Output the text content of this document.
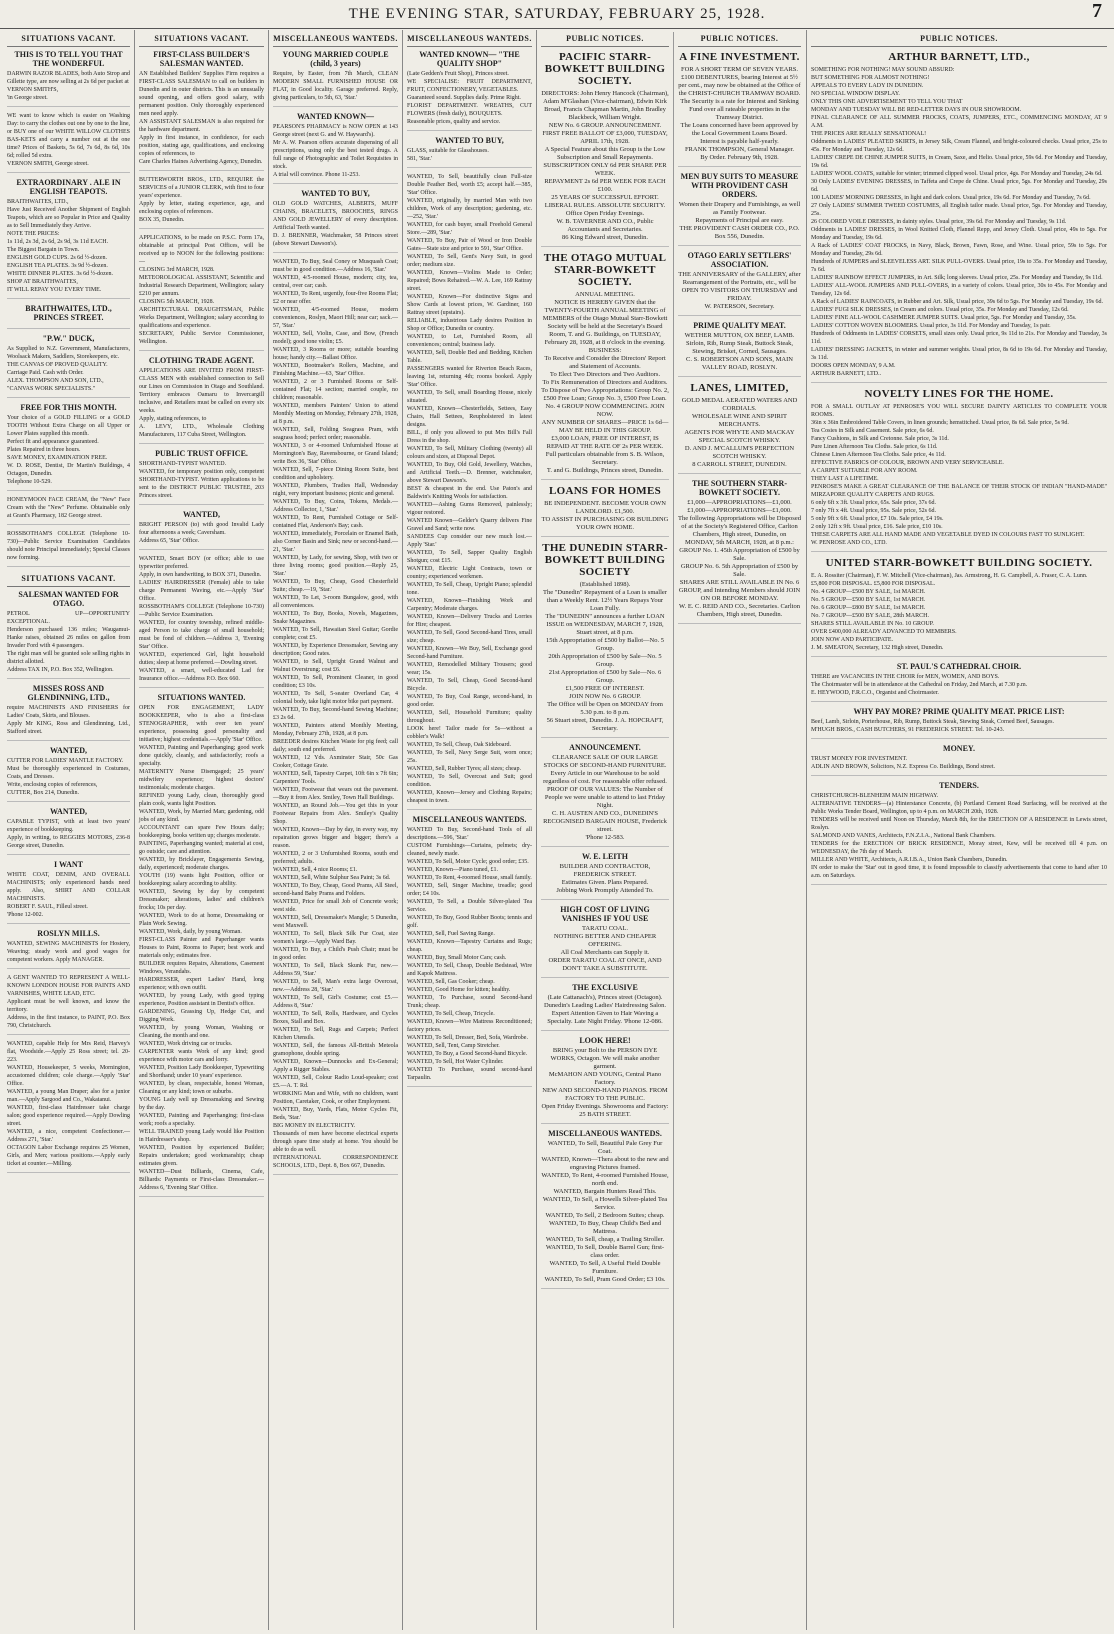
THE EVENING STAR, SATURDAY, FEBRUARY 25, 1928.	7
SITUATIONS VACANT.
THIS IS TO TELL YOU THAT THE WONDERFUL
DARWIN RAZOR BLADES, both Auto Strop and Gillette type, are now selling at 2s 6d per packet at
VERNON SMITH'S,
'in George street.
WE want to know which is easier on Washing Day: to carry the clothes out one by one to the line, or BUY one of our WHITE WILLOW CLOTHES BAS-KETS and carry a number out at the one time? Prices of Baskets, 5s 6d, 7s 6d, 8s 6d, 10s 6d; rolled 5d extra.
VERNON SMITH, George street.
EXTRAORDINARY . ALE IN ENGLISH TEAPOTS.
BRAITHWAITES, LTD.,
Have Just Received Another Shipment of English Teapots, which are so Popular in Price and Quality as to Sell Immediately they Arrive.
NOTE THE PRICES:
1s 11d, 2s 3d, 2s 6d, 2s 9d, 3s 11d EACH.
The Biggest Bargain in Town.
ENGLISH GOLD CUPS. 2s 6d ½-dozen.
ENGLISH TEA PLATES. 3s 9d ½-dozen.
WHITE DINNER PLATES. 3s 6d ½-dozen.
SHOP AT BRAITHWAITES,
IT WILL REPAY YOU EVERY TIME.
BRAITHWAITES, LTD., PRINCES STREET.
"P.W." DUCK,
As Supplied to N.Z. Government, Manufacturers, Woolsack Makers, Saddlers, Storekeepers, etc.
THE CANVAS OF PROVED QUALITY.
Carriage Paid. Cash with Order.
ALEX. THOMPSON AND SON, LTD.,
"CANVAS WORK SPECIALISTS."
FREE FOR THIS MONTH.
Your choice of a GOLD FILLING or a GOLD TOOTH Without Extra Charge on all Upper or Lower Plates supplied this month.
Perfect fit and appearance guaranteed.
Plates Repaired in three hours.
SAVE MONEY, EXAMINATION FREE.
W. D. ROSE, Dentist, Dr Martin's Buildings, 4 Octagon, Dunedin.
Telephone 10-529.
HONEYMOON FACE CREAM, the "New" Face Cream with the "New" Perfume. Obtainable only at Grant's Pharmacy, 182 George street.
ROSSBOTHAM'S COLLEGE (Telephone 10-730)—Public Service Examination Candidates should note Principal immediately; Special Classes now forming.
SITUATIONS VACANT.
SALESMAN WANTED FOR OTAGO.
PETROL UP—OPPORTUNITY EXCEPTIONAL.
Henderson purchased 136 miles; Waugamui-Hanke raises, obtained 26 miles on gallon from Invader Ford with 4 passengers.
The right man will be granted sole selling rights in district allotted.
Address TAX IN, P.O. Box 352, Wellington.
MISSES ROSS AND GLENDINNING, LTD.,
require MACHINISTS AND FINISHERS for Ladies' Coats, Skirts, and Blouses.
Apply Mr KING, Ross and Glendinning, Ltd., Stafford street.
WANTED,
CUTTER FOR LADIES' MANTLE FACTORY.
Must be thoroughly experienced in Costumes, Coats, and Dresses.
Write, enclosing copies of references,
CUTTER, Box 214, Dunedin.
WANTED,
CAPABLE TYPIST, with at least two years' experience of bookkeeping.
Apply, in writing, to REGGIES MOTORS, 236-8 George street, Dunedin.
I WANT
WHITE COAT, DENIM, AND OVERALL MACHINISTS; only experienced hands need apply. Also, SHIRT AND COLLAR MACHINISTS.
ROBERT F. SAUL, Filleul street.
'Phone 12-002.
ROSLYN MILLS.
WANTED, SEWING MACHINISTS for Hosiery, Weaving; steady work and good wages for competent workers. Apply MANAGER.
A GENT WANTED TO REPRESENT A WELL-KNOWN LONDON HOUSE FOR PAINTS AND VARNISHES, WHITE LEAD, ETC.
Applicant must be well known, and know the territory.
Address, in the first instance, to PAINT, P.O. Box 790, Christchurch.
WANTED, capable Help for Mrs Reid, Harvey's flat, Woodside.—Apply 25 Ross street; tel. 20-223.
WANTED, Housekeeper, 5 weeks, Mornington, accustomed children; cole charge.—Apply 'Star' Office.
WANTED, a young Man Draper; also for a junior man.—Apply Sargood and Co., Wakatanui.
WANTED, first-class Hairdresser take charge salon; good experience required.—Apply Dowling street.
WANTED, a nice, competent Confectioner.—Address 271, 'Star.'
OCTAGON Labor Exchange requires 25 Women, Girls, and Men; various positions.—Apply early ticket at counter.—Milling.
SITUATIONS VACANT.
FIRST-CLASS BUILDER'S SALESMAN WANTED.
AN Established Builders' Supplies Firm requires a FIRST-CLASS SALESMAN to call on builders in Dunedin and in outer districts. This is an unusually sound opening, and offers good salary, with permanent position. Only thoroughly experienced men need apply.
AN ASSISTANT SALESMAN is also required for the hardware department.
Apply in first instance, in confidence, for each position, stating age, qualifications, and enclosing copies of references, to
Care Charles Haines Advertising Agency, Dunedin.
BUTTERWORTH BROS., LTD., REQUIRE the SERVICES of a JUNIOR CLERK, with first to four years' experience.
Apply by letter, stating experience, age, and enclosing copies of references.
BOX 35, Dunedin.
APPLICATIONS, to be made on P.S.C. Form 17a, obtainable at principal Post Offices, will be received up to NOON for the following positions:—
CLOSING 3rd MARCH, 1928.
METEOROLOGICAL ASSISTANT, Scientific and Industrial Research Department, Wellington; salary £210 per annum.
CLOSING 5th MARCH, 1928.
ARCHITECTURAL DRAUGHTSMAN, Public Works Department, Wellington; salary according to qualifications and experience.
SECRETARY, Public Service Commissioner, Wellington.
CLOTHING TRADE AGENT.
APPLICATIONS ARE INVITED FROM FIRST-CLASS MEN with established connection to Sell our Lines on Commission in Otago and Southland. Territory embraces Oamaru to Invercargill inclusive, and Retailers must be called on every six weeks.
Apply, stating references, to
A. LEVY, LTD., Wholesale Clothing Manufacturers, 117 Cuba Street, Wellington.
PUBLIC TRUST OFFICE.
SHORTHAND-TYPIST WANTED.
WANTED, for temporary position only, competent SHORTHAND-TYPIST. Written applications to be sent to the DISTRICT PUBLIC TRUSTEE, 203 Princes street.
WANTED,
BRIGHT PERSON (to) with good Invalid Lady four afternoons a week; Caversham.
Address 65, 'Star' Office.
WANTED, Smart BOY (or office; able to use typewriter preferred.
Apply, in own handwriting, to BOX 371, Dunedin.
LADIES' HAIRDRESSER (Female) able to take charge Permanent Waving, etc.—Apply 'Star' Office.
ROSSBOTHAM'S COLLEGE (Telephone 10-730)—Public Service Examination.
WANTED, for country township, refined middle-aged Person to take charge of small household; must be fond of children.—Address 3, 'Evening Star' Office.
WANTED, experienced Girl, light household duties; sleep at home preferred.—Dowling street.
WANTED, a smart, well-educated Lad for Insurance office.—Address P.O. Box 660.
SITUATIONS WANTED.
OPEN FOR ENGAGEMENT, LADY BOOKKEEPER, who is also a first-class STENOGRAPHER, with over ten years' experience, possessing good personality and initiative; highest credentials.—Apply 'Star' Office.
WANTED, Painting and Paperhanging; good work done quickly, cleanly, and satisfactorily; roofs a specialty.
MATERNITY Nurse Disengaged; 25 years' midwifery experience; highest doctors' testimonials; moderate charges.
REFINED young Lady, clean, thoroughly good plain cook, wants light Position.
WANTED, Work, by Married Man; gardening, odd jobs of any kind.
ACCOUNTANT can spare Few Hours daily; bookkeeping, books written up; charges moderate.
PAINTING, Paperhanging wanted; material at cost, go outside; care and attention.
WANTED, by Bricklayer, Engagements Sewing, daily, experienced; moderate charges.
YOUTH (19) wants light Position, office or bookkeeping; salary according to ability.
WANTED, Sewing by day by competent Dressmaker; alterations, ladies' and children's frocks; 10s per day.
WANTED, Work to do at home, Dressmaking or Plain Work Sewing.
WANTED, Work, daily, by young Woman.
FIRST-CLASS Painter and Paperhanger wants Houses to Paint, Rooms to Paper; best work and materials only; estimates free.
BUILDER requires Repairs, Alterations, Casement Windows, Verandahs.
HARDRESSER, expert Ladies' Hand, long experience; with own outfit.
WANTED, by young Lady, with good typing experience, Position assistant in Dentist's office.
GARDENING, Grassing Up, Hedge Cut, and Digging Work.
WANTED, by young Woman, Washing or Cleaning, the month and one.
WANTED, Work driving car or trucks.
CARPENTER wants Work of any kind; good experience with motor cars and lorry.
WANTED, Position Lady Bookkeeper, Typewriting and Shorthand; under 10 years' experience.
WANTED, by clean, respectable, honest Woman, Cleaning or any kind; town or suburbs.
YOUNG Lady well up Dressmaking and Sewing by the day.
WANTED, Painting and Paperhanging; first-class work; roofs a specialty.
WELL TRAINED young Lady would like Position in Hairdresser's shop.
WANTED, Position by experienced Builder; Repairs undertaken; good workmanship; cheap estimates given.
WANTED—Dust Billiards, Cinema, Cafe, Billiards: Payments or First-class Dressmaker.—Address 6, 'Evening Star' Office.
MISCELLANEOUS WANTEDS.
YOUNG MARRIED COUPLE (child, 3 years)
Require, by Easter, from 7th March, CLEAN MODERN SMALL FURNISHED HOUSE OR FLAT, in Good locality. Garage preferred. Reply, giving particulars, to 5th, 63, 'Star.'
WANTED KNOWN—
PEARSON'S PHARMACY is NOW OPEN at 143 George street (next G. and W. Hayward's).
Mr A. W. Pearson offers accurate dispensing of all prescriptions, using only the best tested drugs. A full range of Photographic and Toilet Requisites in stock.
A trial will convince. Phone 11-253.
WANTED TO BUY,
OLD GOLD WATCHES, ALBERTS, MUFF CHAINS, BRACELETS, BROOCHES, RINGS AND GOLD JEWELLERY of every description. Artificial Teeth wanted.
D. J. BRENNER, Watchmaker, 58 Princes street (above Stewart Dawson's).
WANTED, To Buy, Seal Coney or Musquash Coat; must be in good condition.—Address 16, 'Star.'
WANTED, 4/5-roomed House, modern; city, tea, central, over car; cash.
WANTED, To Rent, urgently, four-five Rooms Flat; £2 or near offer.
WANTED, 4/5-roomed House, modern conveniences, Roslyn, Maori Hill; near car; sack.—57, 'Star.'
WANTED, Sell, Violin, Case, and Bow, (French model); good tone violin; £5.
WANTED, 3 Rooms or more; suitable boarding house; handy city.—Ballast Office.
WANTED, Bootmaker's Rollers, Machine, and Finishing Machine.—63, 'Star' Office.
WANTED, 2 or 3 Furnished Rooms or Self-contained Flat; 14 section; married couple, no children; reasonable.
WANTED, members Painters' Union to attend Monthly Meeting on Monday, February 27th, 1928, at 8 p.m.
WANTED, Sell, Folding Seagrass Pram, with seagrass hood; perfect order; reasonable.
WANTED, 3 or 4-roomed Unfurnished House at Mornington's Bay, Ravensbourne, or Grand Island; write Box 36, 'Star' Office.
WANTED, Sell, 7-piece Dining Room Suite, best condition and upholstery.
WANTED, Plumbers, Tradies Hall, Wednesday night, very important business; picnic and general.
WANTED, To Buy, Coins, Tokens, Medals.—Address Collector, 1, 'Star.'
WANTED, To Rent, Furnished Cottage or Self-contained Flat, Anderson's Bay; cash.
WANTED, immediately, Porcelain or Enamel Bath, also Corner Basin and Sink; new or second-hand.—21, 'Star.'
WANTED, by Lady, for sewing, Shop, with two or three living rooms; good position.—Reply 25, 'Star.'
WANTED, To Buy, Cheap, Good Chesterfield Suite; cheap.—19, 'Star.'
WANTED, To Let, 3-room Bungalow, good, with all conveniences.
WANTED, To Buy, Books, Novels, Magazines, Snake Magazines.
WANTED, To Sell, Hawaiian Steel Guitar; Gordie complete; cost £5.
WANTED, by Experience Dressmaker, Sewing any description; Good rates.
WANTED, to Sell, Upright Grand Walnut and Walnut Overstrung; cost £6.
WANTED, To Sell, Prominent Cleaner, in good condition; £3 10s.
WANTED, To Sell, 5-seater Overland Car, 4 colonial body, take light motor bike part payment.
WANTED, To Buy, Second-hand Sewing Machine; £3 2s 6d.
WANTED, Painters attend Monthly Meeting, Monday, February 27th, 1928, at 8 p.m.
BREEDER desires Kitchen Waste for pig feed; call daily; south end preferred.
WANTED, 12 Yds. Axminster Stair, 50c Gas Cooker, Cottage Grate.
WANTED, Sell, Tapestry Carpet, 10ft 6in x 7ft 6in; Carpenters' Tools.
WANTED, Footwear that wears out the pavement.—Buy it from Alex. Smiley, Town Hall Buildings.
WANTED, an Round Job.—You get this in your Footwear Repairs from Alex. Smiley's Quality Shop.
WANTED, Known—Day by day, in every way, my repairation grows bigger and bigger; there's a reason.
WANTED, 2 or 3 Unfurnished Rooms, south end preferred; adults.
WANTED, Sell, 4 nice Rooms; £1.
WANTED, Sell, White Sulphur Sea Paint; 3s 6d.
WANTED, To Buy, Cheap, Good Prams, All Steel, second-hand Baby Prams and Folders.
WANTED, Price for small Job of Concrete work; west side.
WANTED, Sell, Dressmaker's Mangle; 5 Dunedin, west Maxwell.
WANTED, To Sell, Black Silk Fur Coat, size women's large.—Apply Ward Bay.
WANTED, To Buy, a Child's Push Chair; must be in good order.
WANTED, To Sell, Black Skunk Fur, new.—Address 59, 'Star.'
WANTED, to Sell, Man's extra large Overcoat, new.—Address 28, 'Star.'
WANTED, To Sell, Girl's Costume; cost £5.—Address 8, 'Star.'
WANTED, To Sell, Rolls, Hardware, and Cycles Boxes, Stall and Box.
WANTED, To Sell, Rugs and Carpets; Perfect Kitchen Utensils.
WANTED, Sell, the famous All-British Meteola gramophone, double spring.
WANTED, Known—Dunnocks and Ex-General; Apply a Rigger Stables.
WANTED, Sell, Colour Radio Loud-speaker; cost £5.—A. T. Rd.
WORKING Man and Wife, with no children, want Position, Caretaker, Cook, or other Employment.
WANTED, Buy, Yards, Flats, Motor Cycles Fit, Beds, 'Star.'
BIG MONEY IN ELECTRICITY.
Thousands of men have become electrical experts through spare time study at home. You should be able to do as well.
INTERNATIONAL CORRESPONDENCE SCHOOLS, LTD., Dept. 8, Box 667, Dunedin.
MISCELLANEOUS WANTEDS.
WANTED KNOWN— "THE QUALITY SHOP"
(Late Gedden's Fruit Shop), Princes street.
WE SPECIALISE: FRUIT DEPARTMENT, FRUIT, CONFECTIONERY, VEGETABLES.
Guaranteed sound. Supplies daily. Prime Right.
FLORIST DEPARTMENT. WREATHS, CUT FLOWERS (fresh daily), BOUQUETS.
Reasonable prices, quality and service.
WANTED TO BUY,
GLASS, suitable for Glasshouses.
581, 'Star.'
WANTED, To Sell, beautifully clean Full-size Double Feather Bed, worth £5; accept half.—385, 'Star' Office.
WANTED, originally, by married Man with two children, Work of any description; gardening, etc.—252, 'Star.'
WANTED, for cash buyer, small Freehold General Store.—289, 'Star.'
WANTED, To Buy, Pair of Wood or Iron Double Gates—State size and price to 591, 'Star' Office.
WANTED, To Sell, Gent's Navy Suit, in good order; medium size.
WANTED, Known—Violins Made to Order; Repaired; Bows Rehaired.—W. A. Lee, 169 Rattray street.
WANTED, Known—For distinctive Signs and Show Cards at lowest prices, W. Gardiner, 160 Rattray street (upstairs).
RELIABLE, industrious Lady desires Position in Shop or Office; Dunedin or country.
WANTED, to Let, Furnished Room, all conveniences; central; business lady.
WANTED, Sell, Double Bed and Bedding, Kitchen Table.
PASSENGERS wanted for Riverton Beach Races, leaving 1st, returning 4th; rooms booked. Apply 'Star' Office.
WANTED, To Sell, small Boarding House, nicely situated.
WANTED, Known—Chesterfields, Settees, Easy Chairs, Hall Settees, Reupholstered in latest designs.
BILL, if only you allowed to put Mrs Bill's Fall Dress in the shop.
WANTED, To Sell, Military Clothing (twenty) all colours and sizes, at Disposal Depot.
WANTED, To Buy, Old Gold, Jewellery, Watches, and Artificial Teeth.—D. Brenner, watchmaker, above Stewart Dawson's.
BEST & cheapest in the end. Use Paton's and Baldwin's Knitting Wools for satisfaction.
WANTED—Ashing Gums Removed, painlessly; vigour restored.
WANTED Known—Gelder's Quarry delivers Fine Gravel and Sand; write now.
SANDEES Cup consider our new much lost.—Apply 'Star.'
WANTED, To Sell, Sapper Quality English Shotgun; cost £15.
WANTED, Electric Light Contracts, town or country; experienced workmen.
WANTED, To Sell, Cheap, Upright Piano; splendid tone.
WANTED, Known—Finishing Work and Carpentry; Moderate charges.
WANTED, Known—Delivery Trucks and Lorries for Hire; cheapest.
WANTED, To Sell, Good Second-hand Tires, small size; cheap.
WANTED, Known—We Buy, Sell, Exchange good Second-hand Furniture.
WANTED, Remodelled Military Trousers; good wear; 15s.
WANTED, To Sell, Cheap, Good Second-hand Bicycle.
WANTED, To Buy, Coal Range, second-hand, in good order.
WANTED, Sell, Household Furniture; quality throughout.
LOOK here! Tailor made for 5s—without a cobbler's Walk!
WANTED, To Sell, Cheap, Oak Sideboard.
WANTED, To Sell, Navy Serge Suit, worn once; 25s.
WANTED, Sell, Rubber Tyres; all sizes; cheap.
WANTED, To Sell, Overcoat and Suit; good condition.
WANTED, Known—Jersey and Clothing Repairs; cheapest in town.
MISCELLANEOUS WANTEDS.
WANTED To Buy, Second-hand Tools of all descriptions.—596, 'Star.'
CUSTOM Furnishings—Curtains, pelmets; dry-cleaned, newly made.
WANTED, To Sell, Motor Cycle; good order; £35.
WANTED, Known—Piano tuned, £1.
WANTED, To Rent, 4-roomed House, small family.
WANTED, Sell, Singer Machine, treadle; good order; £4 10s.
WANTED, To Sell, a Double Silver-plated Tea Service.
WANTED, To Buy, Good Rubber Boots; tennis and golf.
WANTED, Sell, Fuel Saving Range.
WANTED, Known—Tapestry Curtains and Rugs; cheap.
WANTED, Buy, Small Motor Cars; cash.
WANTED, To Sell, Cheap, Double Bedstead, Wire and Kapok Mattress.
WANTED, Sell, Gas Cooker; cheap.
WANTED, Good Home for kitten; healthy.
WANTED, To Purchase, sound Second-hand Trunk; cheap.
WANTED, To Sell, Cheap, Tricycle.
WANTED, Known—Wire Mattress Reconditioned; factory prices.
WANTED, To Sell, Dresser, Bed, Sofa, Wardrobe.
WANTED, Sell, Tent, Camp Stretcher.
WANTED, To Buy, a Good Second-hand Bicycle.
WANTED, To Sell, Hot Water Cylinder.
WANTED To Purchase, sound second-hand Tarpaulin.
PUBLIC NOTICES.
PACIFIC STARR-BOWKETT BUILDING SOCIETY.
DIRECTORS: John Henry Hancock (Chairman), Adam M'Glashan (Vice-chairman), Edwin Kirk Broad, Francis Chapman Martin, John Bradley Blackbeck, William Wright.
NEW No. 6 GROUP. ANNOUNCEMENT.
FIRST FREE BALLOT OF £3,000, TUESDAY, APRIL 17th, 1928.
A Special Feature about this Group is the Low Subscription and Small Repayments.
SUBSCRIPTION ONLY 6d PER SHARE PER WEEK.
REPAYMENT 2s 6d PER WEEK FOR EACH £100.
25 YEARS OF SUCCESSFUL EFFORT. LIBERAL RULES. ABSOLUTE SECURITY.
Office Open Friday Evenings.
W. B. TAVERNER AND CO., Public Accountants and Secretaries.
86 King Edward street, Dunedin.
THE OTAGO MUTUAL STARR-BOWKETT SOCIETY.
ANNUAL MEETING.
NOTICE IS HEREBY GIVEN that the TWENTY-FOURTH ANNUAL MEETING of MEMBERS of the Otago Mutual Starr-Bowkett Society will be held at the Secretary's Board Room, T. and G. Buildings, on TUESDAY, February 28, 1928, at 8 o'clock in the evening.
BUSINESS:
To Receive and Consider the Directors' Report and Statement of Accounts.
To Elect Two Directors and Two Auditors.
To Fix Remuneration of Directors and Auditors.
To Dispose of Two Appropriations: Group No. 2, £500 Free Loan; Group No. 3, £500 Free Loan.
No. 4 GROUP NOW COMMENCING. JOIN NOW.
ANY NUMBER OF SHARES—PRICE 1s 6d—MAY BE HELD IN THIS GROUP.
£3,000 LOAN, FREE OF INTEREST, IS REPAID AT THE RATE OF 2s PER WEEK.
Full particulars obtainable from S. B. Wilson, Secretary.
T. and G. Buildings, Princes street, Dunedin.
LOANS FOR HOMES
BE INDEPENDENT. BECOME YOUR OWN LANDLORD. £1,500.
TO ASSIST IN PURCHASING OR BUILDING YOUR OWN HOME.
THE DUNEDIN STARR-BOWKETT BUILDING SOCIETY
(Established 1898).
The "Dunedin" Repayment of a Loan is smaller than a Weekly Rent. 12½ Years Repays Your Loan Fully.
The "DUNEDIN" announces a further LOAN ISSUE on WEDNESDAY, MARCH 7, 1928, Stuart street, at 8 p.m.
15th Appropriation of £500 by Ballot—No. 5 Group.
20th Appropriation of £500 by Sale—No. 5 Group.
21st Appropriation of £500 by Sale—No. 6 Group.
£1,500 FREE OF INTEREST.
JOIN NOW No. 6 GROUP.
The Office will be Open on MONDAY from 5.30 p.m. to 8 p.m.
56 Stuart street, Dunedin. J. A. HOPCRAFT, Secretary.
ANNOUNCEMENT.
CLEARANCE SALE OF OUR LARGE STOCKS OF SECOND-HAND FURNITURE.
Every Article in our Warehouse to be sold regardless of cost. For reasonable offer refused.
PROOF OF OUR VALUES: The Number of People we were unable to attend to last Friday Night.
C. H. AUSTEN AND CO., DUNEDIN'S RECOGNISED BARGAIN HOUSE, Frederick street.
'Phone 12-583.
W. E. LEITH
BUILDER AND CONTRACTOR, FREDERICK STREET.
Estimates Given. Plans Prepared.
Jobbing Work Promptly Attended To.
HIGH COST OF LIVING VANISHES IF YOU USE
TARATU COAL.
NOTHING BETTER AND CHEAPER OFFERING.
All Coal Merchants can Supply it.
ORDER TARATU COAL AT ONCE, AND DON'T TAKE A SUBSTITUTE.
THE EXCLUSIVE
(Late Cattanach's), Princes street (Octagon). Dunedin's Leading Ladies' Hairdressing Salon. Expert Attention Given to Hair Waving a Specialty. Late Night Friday. 'Phone 12-086.
LOOK HERE!
BRING your Bolt to the PERSON DYE WORKS, Octagon. We will make another garment.
McMAHON AND YOUNG, Central Piano Factory.
NEW AND SECOND-HAND PIANOS. FROM FACTORY TO THE PUBLIC.
Open Friday Evenings. Showrooms and Factory: 25 BATH STREET.
MISCELLANEOUS WANTEDS.
WANTED, To Sell, Beautiful Pale Grey Fur Coat.
WANTED, Known—Thera about to the new and engraving Pictures framed.
WANTED, To Rent, 4-roomed Furnished House, north end.
WANTED, Bargain Hunters Read This.
WANTED, To Sell, a Howells Silver-plated Tea Service.
WANTED, To Sell, 2 Bedroom Suites; cheap.
WANTED, To Buy, Cheap Child's Bed and Mattress.
WANTED, To Sell, cheap, a Trailing Stroller.
WANTED, To Sell, Double Barrel Gun; first-class order.
WANTED, To Sell, A Useful Field Double Furniture.
WANTED, To Sell, Pram Good Order; £3 10s.
PUBLIC NOTICES.
A FINE INVESTMENT.
FOR A SHORT TERM OF SEVEN YEARS.
£100 DEBENTURES, bearing Interest at 5½ per cent., may now be obtained at the Office of the CHRIST-CHURCH TRAMWAY BOARD.
The Security is a rate for Interest and Sinking Fund over all rateable properties in the Tramway District.
The Loans concerned have been approved by the Local Government Loans Board.
Interest is payable half-yearly.
FRANK THOMPSON, General Manager.
By Order. February 9th, 1928.
MEN BUY SUITS TO MEASURE WITH PROVIDENT CASH ORDERS.
Women their Drapery and Furnishings, as well as Family Footwear.
Repayments of Principal are easy.
THE PROVIDENT CASH ORDER CO., P.O. Box 556, Dunedin.
OTAGO EARLY SETTLERS' ASSOCIATION.
THE ANNIVERSARY of the GALLERY, after Rearrangement of the Portraits, etc., will be OPEN TO VISITORS ON THURSDAY and FRIDAY.
W. PATERSON, Secretary.
PRIME QUALITY MEAT.
WETHER MUTTON, OX BEEF, LAMB.
Sirloin, Rib, Rump Steak, Buttock Steak, Stewing, Brisket, Corned, Sausages.
C. S. ROBERTSON AND SONS, MAIN VALLEY ROAD, ROSLYN.
LANES, LIMITED,
GOLD MEDAL AERATED WATERS AND CORDIALS.
WHOLESALE WINE AND SPIRIT MERCHANTS.
AGENTS FOR WHYTE AND MACKAY SPECIAL SCOTCH WHISKY.
D. AND J. M'CALLUM'S PERFECTION SCOTCH WHISKY.
8 CARROLL STREET, DUNEDIN.
THE SOUTHERN STARR-BOWKETT SOCIETY.
£1,000—APPROPRIATIONS—£1,000.
£1,000—APPROPRIATIONS—£1,000.
The following Appropriations will be Disposed of at the Society's Registered Office, Carlton Chambers, High street, Dunedin, on MONDAY, 5th MARCH, 1928, at 8 p.m.:
GROUP No. 1. 45th Appropriation of £500 by Sale.
GROUP No. 6. 5th Appropriation of £500 by Sale.
SHARES ARE STILL AVAILABLE IN No. 6 GROUP, and Intending Members should JOIN ON OR BEFORE MONDAY.
W. E. C. REID AND CO., Secretaries. Carlton Chambers, High street, Dunedin.
PUBLIC NOTICES.
ARTHUR BARNETT, LTD.,
SOMETHING FOR NOTHING! MAY SOUND ABSURD:
BUT SOMETHING FOR ALMOST NOTHING!
APPEALS TO EVERY LADY IN DUNEDIN.
NO SPECIAL WINDOW DISPLAY.
ONLY THIS ONE ADVERTISEMENT TO TELL YOU THAT
MONDAY AND TUESDAY WILL BE RED-LETTER DAYS IN OUR SHOWROOM.
FINAL CLEARANCE OF ALL SUMMER FROCKS, COATS, JUMPERS, ETC., COMMENCING MONDAY, AT 9 A.M.
THE PRICES ARE REALLY SENSATIONAL!
Oddments in LADIES' PLEATED SKIRTS, in Jersey Silk, Cream Flannel, and bright-coloured checks. Usual price, 25s to 45s. For Monday and Tuesday, 12s 6d.
LADIES' CREPE DE CHINE JUMPER SUITS, in Cream, Saxe, and Helio. Usual price, 59s 6d. For Monday and Tuesday, 19s 6d.
LADIES' WOOL COATS, suitable for winter; trimmed clipped wool. Usual price, 4gs. For Monday and Tuesday, 24s 6d.
30 Only LADIES' EVENING DRESSES, in Taffeta and Crepe de Chine. Usual price, 5gs. For Monday and Tuesday, 29s 6d.
100 LADIES' MORNING DRESSES, in light and dark colors. Usual price, 19s 6d. For Monday and Tuesday, 7s 6d.
27 Only LADIES' SUMMER TWEED COSTUMES, all English tailor made. Usual price, 5gs. For Monday and Tuesday, 25s.
26 COLORED VOILE DRESSES, in dainty styles. Usual price, 39s 6d. For Monday and Tuesday, 9s 11d.
Oddments in LADIES' DRESSES, in Wool Knitted Cloth, Flannel Repp, and Jersey Cloth. Usual price, 49s to 5gs. For Monday and Tuesday, 19s 6d.
A Rack of LADIES' COAT FROCKS, in Navy, Black, Brown, Fawn, Rose, and Wine. Usual price, 59s to 5gs. For Monday and Tuesday, 29s 6d.
Hundreds of JUMPERS and SLEEVELESS ART. SILK PULL-OVERS. Usual price, 19s to 35s. For Monday and Tuesday, 7s 6d.
LADIES' RAINBOW EFFECT JUMPERS, in Art. Silk; long sleeves. Usual price, 25s. For Monday and Tuesday, 9s 11d.
LADIES' ALL-WOOL JUMPERS AND PULL-OVERS, in a variety of colors. Usual price, 30s to 45s. For Monday and Tuesday, 12s 6d.
A Rack of LADIES' RAINCOATS, in Rubber and Art. Silk, Usual price, 39s 6d to 5gs. For Monday and Tuesday, 19s 6d.
LADIES' FUGI SILK DRESSES, in Cream and colors. Usual price, 35s. For Monday and Tuesday, 12s 6d.
LADIES' FINE ALL-WOOL CASHMERE JUMPER SUITS. Usual price, 5gs. For Monday and Tuesday, 35s.
LADIES' COTTON WOVEN BLOOMERS. Usual price, 3s 11d. For Monday and Tuesday, 1s pair.
Hundreds of Oddments in LADIES' CORSETS, small sizes only. Usual price, 9s 11d to 21s. For Monday and Tuesday, 3s 11d.
LADIES' DRESSING JACKETS, in winter and summer weights. Usual price, 8s 6d to 19s 6d. For Monday and Tuesday, 3s 11d.
DOORS OPEN MONDAY, 9 A.M.
ARTHUR BARNETT, LTD..
NOVELTY LINES FOR THE HOME.
FOR A SMALL OUTLAY AT PENROSE'S YOU WILL SECURE DAINTY ARTICLES TO COMPLETE YOUR ROOMS.
36in x 36in Embroidered Table Covers, in linen grounds; hemstitched. Usual price, 8s 6d. Sale price, 5s 9d.
Tea Cosies in Silk and Casement. Sale price, 6s 6d.
Fancy Cushions, in Silk and Cretonne. Sale price, 3s 11d.
Pure Linen Afternoon Tea Cloths. Sale price, 6s 11d.
Chinese Linen Afternoon Tea Cloths. Sale price, 4s 11d.
EFFECTIVE FABRICS OF COLOUR, BROWN AND VERY SERVICEABLE.
A CARPET SUITABLE FOR ANY ROOM.
THEY LAST A LIFETIME.
PENROSE'S MAKE A GREAT CLEARANCE OF THE BALANCE OF THEIR STOCK OF INDIAN "HAND-MADE" MIRZAPORE QUALITY CARPETS AND RUGS.
6 only 6ft x 3ft. Usual price, 65s. Sale price, 37s 6d.
7 only 7ft x 4ft. Usual price, 95s. Sale price, 52s 6d.
5 only 9ft x 6ft. Usual price, £7 10s. Sale price, £4 19s.
2 only 12ft x 9ft. Usual price, £16. Sale price, £10 10s.
THESE CARPETS ARE ALL HAND MADE AND VEGETABLE DYED IN COLOURS FAST TO SUNLIGHT.
W. PENROSE AND CO., LTD.
UNITED STARR-BOWKETT BUILDING SOCIETY.
E. A. Rossiter (Chairman), F. W. Mitchell (Vice-chairman), Jas. Armstrong, H. G. Campbell, A. Fraser, C. A. Lunn.
£5,800 FOR DISPOSAL. £5,800 FOR DISPOSAL.
No. 4 GROUP—£500 BY SALE, 1st MARCH.
No. 5 GROUP—£500 BY SALE, 1st MARCH.
No. 6 GROUP—£800 BY SALE, 1st MARCH.
No. 7 GROUP—£500 BY SALE, 28th MARCH.
SHARES STILL AVAILABLE IN No. 10 GROUP.
OVER £400,000 ALREADY ADVANCED TO MEMBERS.
JOIN NOW AND PARTICIPATE.
J. M. SMEATON, Secretary, 132 High street, Dunedin.
ST. PAUL'S CATHEDRAL CHOIR.
THERE are VACANCIES IN THE CHOIR for MEN, WOMEN, AND BOYS.
The Choirmaster will be in attendance at the Cathedral on Friday, 2nd March, at 7.30 p.m.
E. HEYWOOD, F.R.C.O., Organist and Choirmaster.
WHY PAY MORE? PRIME QUALITY MEAT. PRICE LIST:
Beef, Lamb, Sirloin, Porterhouse, Rib, Rump, Buttock Steak, Stewing Steak, Corned Beef, Sausages.
M'HUGH BROS., CASH BUTCHERS, 91 FREDERICK STREET. Tel. 10-243.
MONEY.
TRUST MONEY FOR INVESTMENT.
ADLIN AND BROWN, Solicitors, N.Z. Express Co. Buildings, Bond street.
TENDERS.
CHRISTCHURCH-BLENHEIM MAIN HIGHWAY.
ALTERNATIVE TENDERS—(a) Hinterstance Concrete, (b) Portland Cement Road Surfacing, will be received at the Public Works Tender Board, Wellington, up to 4 p.m. on MARCH 20th, 1928.
TENDERS will be received until Noon on Thursday, March 8th, for the ERECTION OF A RESIDENCE in Lewis street, Roslyn.
SALMOND AND VANES, Architects, F.N.Z.I.A., National Bank Chambers.
TENDERS for the ERECTION OF BRICK RESIDENCE, Moray street, Kew, will be received till 4 p.m. on WEDNESDAY, the 7th day of March.
MILLER AND WHITE, Architects, A.R.I.B.A., Union Bank Chambers, Dunedin.
IN order to make the 'Star' out in good time, it is found impossible to classify advertisements that come to hand after 10 a.m. on Saturdays.
